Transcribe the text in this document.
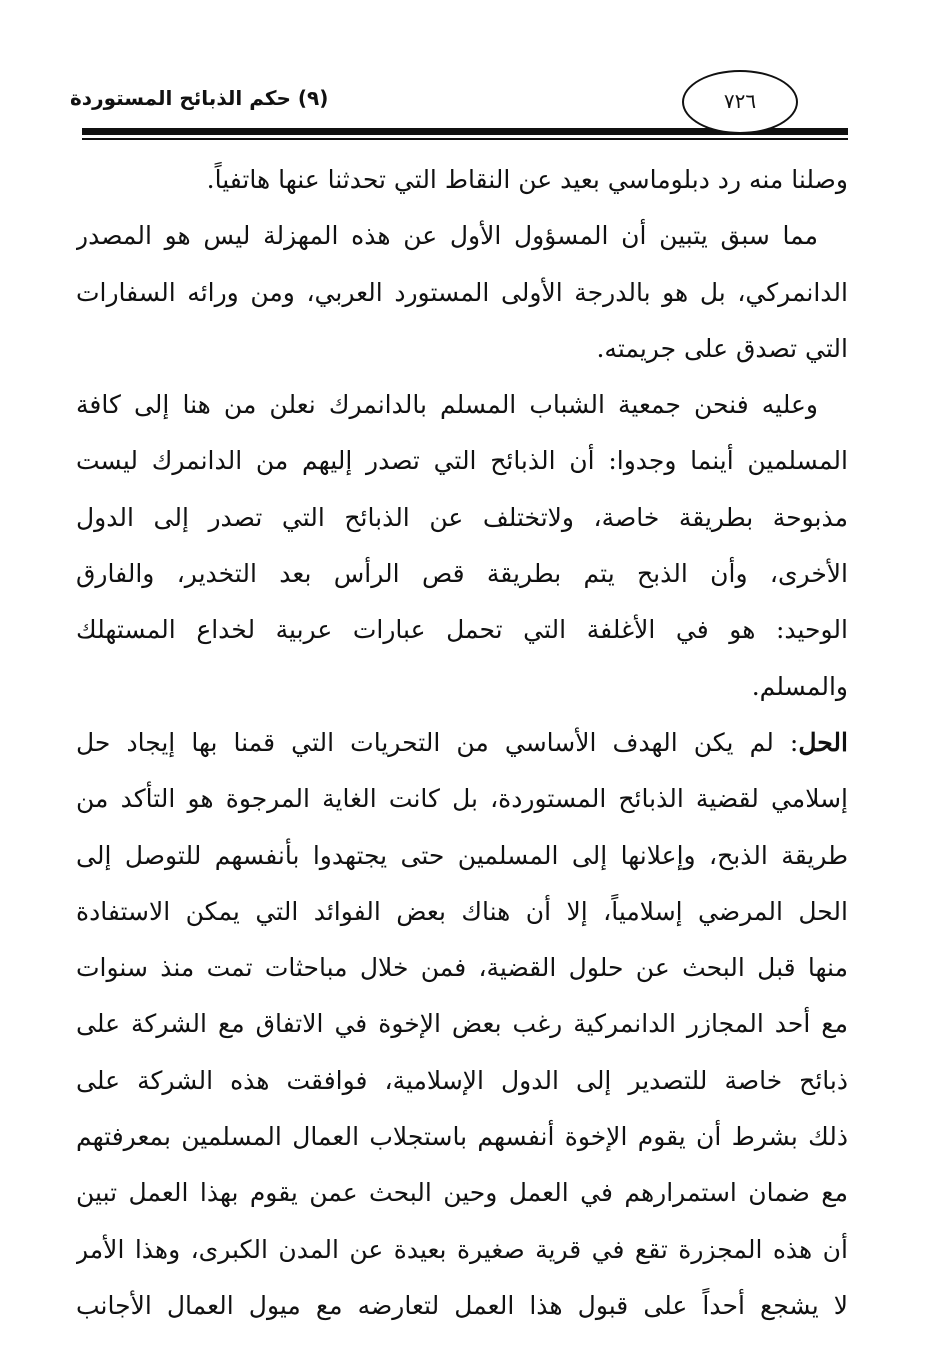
(٩) حكم الذبائح المستوردة	٧٢٦
وصلنا منه رد دبلوماسي بعيد عن النقاط التي تحدثنا عنها هاتفياً.
مما سبق يتبين أن المسؤول الأول عن هذه المهزلة ليس هو المصدر
الدانمركي، بل هو بالدرجة الأولى المستورد العربي، ومن ورائه السفارات
التي تصدق على جريمته.
وعليه فنحن جمعية الشباب المسلم بالدانمرك نعلن من هنا إلى كافة
المسلمين أينما وجدوا: أن الذبائح التي تصدر إليهم من الدانمرك ليست
مذبوحة بطريقة خاصة، ولاتختلف عن الذبائح التي تصدر إلى الدول
الأخرى، وأن الذبح يتم بطريقة قص الرأس بعد التخدير، والفارق
الوحيد: هو في الأغلفة التي تحمل عبارات عربية لخداع المستهلك
والمسلم.
الحل: لم يكن الهدف الأساسي من التحريات التي قمنا بها إيجاد حل
إسلامي لقضية الذبائح المستوردة، بل كانت الغاية المرجوة هو التأكد من
طريقة الذبح، وإعلانها إلى المسلمين حتى يجتهدوا بأنفسهم للتوصل إلى
الحل المرضي إسلامياً، إلا أن هناك بعض الفوائد التي يمكن الاستفادة
منها قبل البحث عن حلول القضية، فمن خلال مباحثات تمت منذ سنوات
مع أحد المجازر الدانمركية رغب بعض الإخوة في الاتفاق مع الشركة على
ذبائح خاصة للتصدير إلى الدول الإسلامية، فوافقت هذه الشركة على
ذلك بشرط أن يقوم الإخوة أنفسهم باستجلاب العمال المسلمين بمعرفتهم
مع ضمان استمرارهم في العمل وحين البحث عمن يقوم بهذا العمل تبين
أن هذه المجزرة تقع في قرية صغيرة بعيدة عن المدن الكبرى، وهذا الأمر
لا يشجع أحداً على قبول هذا العمل لتعارضه مع ميول العمال الأجانب
